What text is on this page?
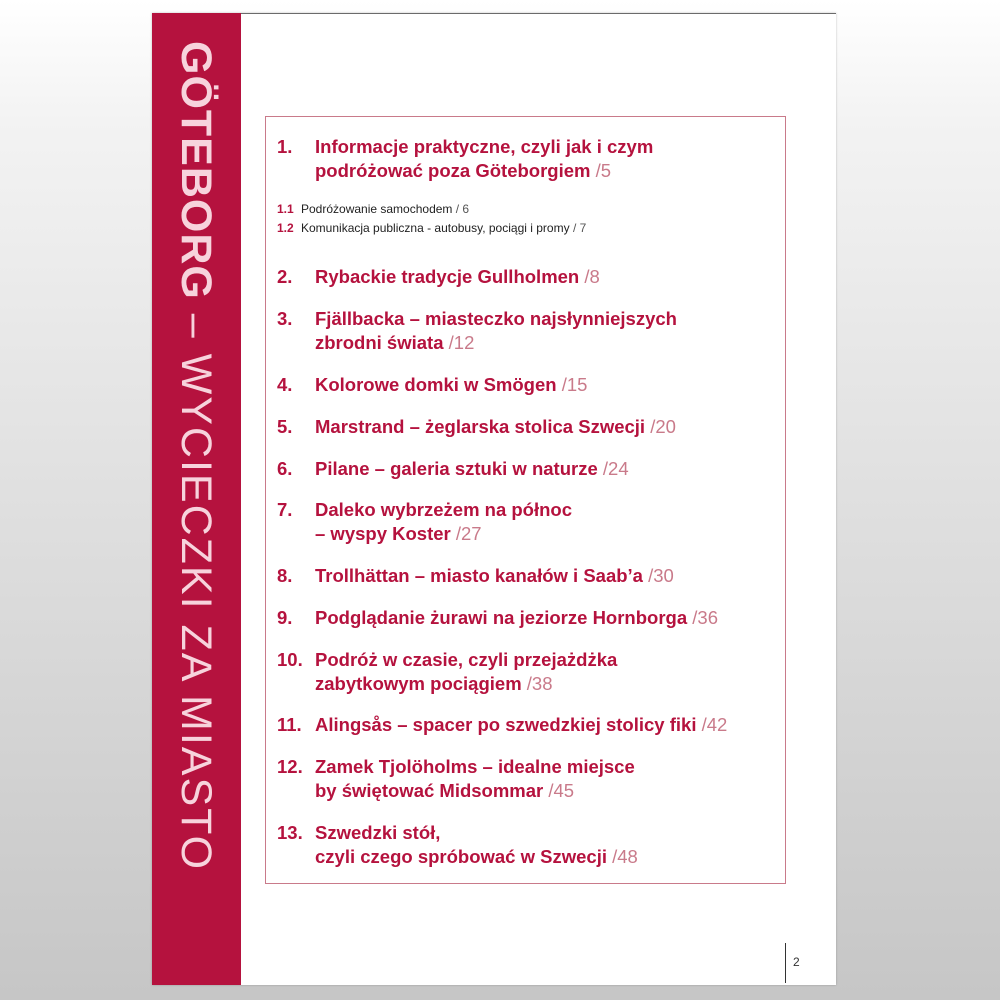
GÖTEBORG – WYCIECZKI ZA MIASTO
1. Informacje praktyczne, czyli jak i czym
podróżować poza Göteborgiem /5
1.1 Podróżowanie samochodem / 6
1.2 Komunikacja publiczna - autobusy, pociągi i promy / 7
2. Rybackie tradycje Gullholmen /8
3. Fjällbacka – miasteczko najsłynniejszych
zbrodni świata /12
4. Kolorowe domki w Smögen /15
5. Marstrand – żeglarska stolica Szwecji /20
6. Pilane – galeria sztuki w naturze /24
7. Daleko wybrzeżem na północ
– wyspy Koster /27
8. Trollhättan – miasto kanałów i Saab’a /30
9. Podglądanie żurawi na jeziorze Hornborga /36
10. Podróż w czasie, czyli przejażdżka
zabytkowym pociągiem /38
11. Alingsås – spacer po szwedzkiej stolicy fiki /42
12. Zamek Tjolöholms – idealne miejsce
by świętować Midsommar /45
13. Szwedzki stół,
czyli czego spróbować w Szwecji /48
2
